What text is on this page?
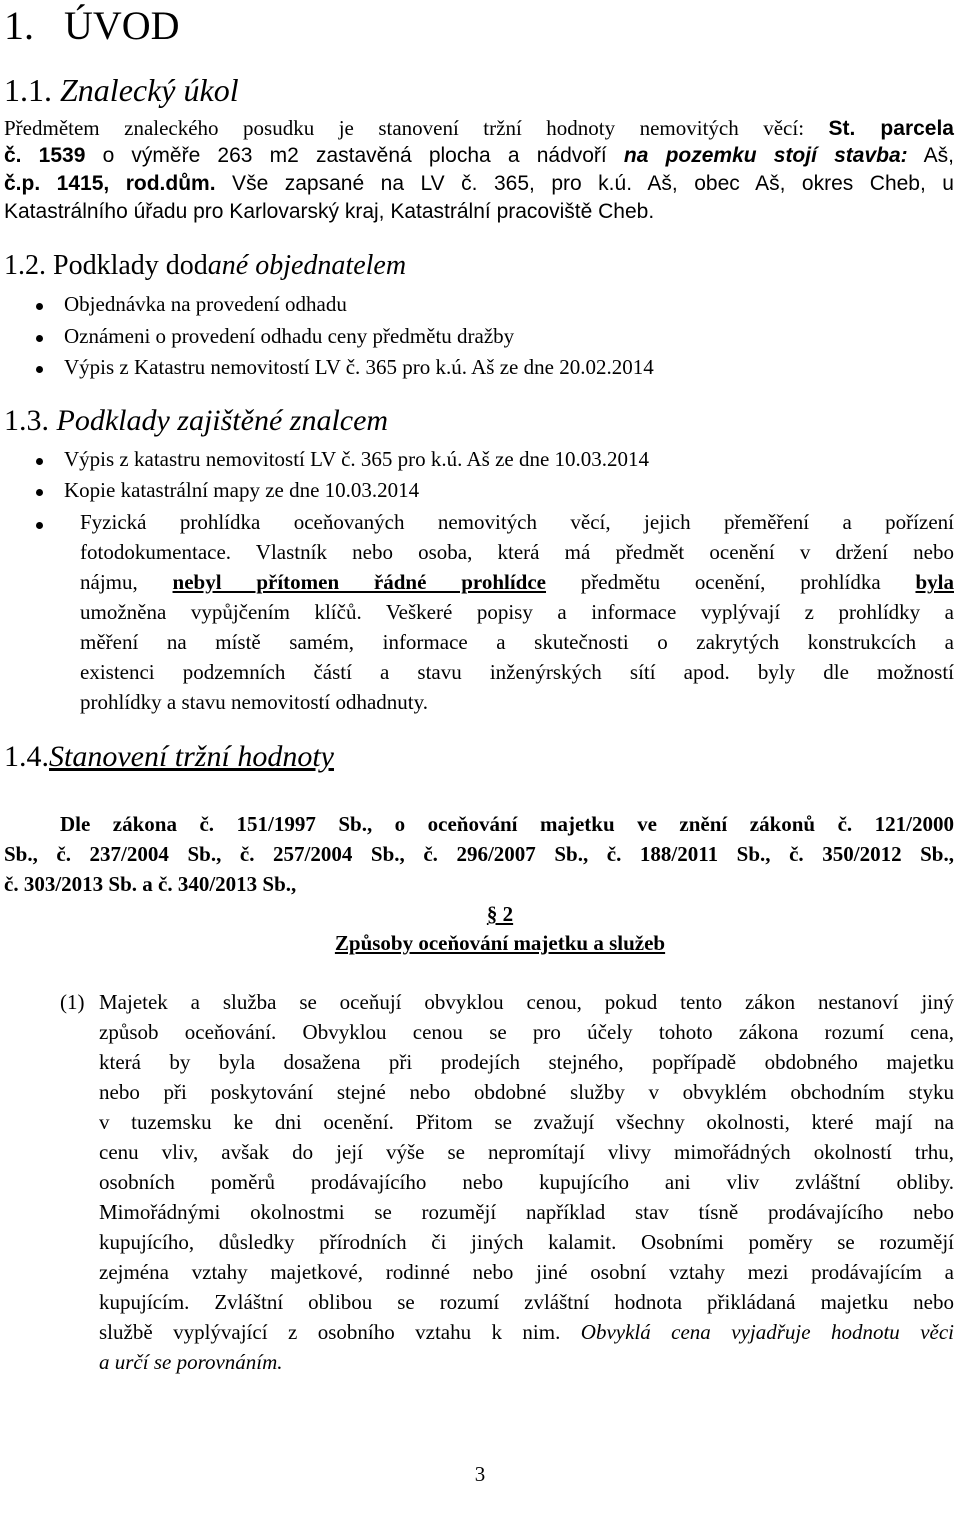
1. ÚVOD
1.1. Znalecký úkol
Předmětem znaleckého posudku je stanovení tržní hodnoty nemovitých věcí: St. parcela
č. 1539 o výměře 263 m2 zastavěná plocha a nádvoří na pozemku stojí stavba: Aš,
č.p. 1415, rod.dům. Vše zapsané na LV č. 365, pro k.ú. Aš, obec Aš, okres Cheb, u
Katastrálního úřadu pro Karlovarský kraj, Katastrální pracoviště Cheb.
1.2. Podklady dodané objednatelem
Objednávka na provedení odhadu
Oznámeni o provedení odhadu ceny předmětu dražby
Výpis z Katastru nemovitostí LV č. 365 pro k.ú. Aš ze dne 20.02.2014
1.3. Podklady zajištěné znalcem
Výpis z katastru nemovitostí LV č. 365 pro k.ú. Aš ze dne 10.03.2014
Kopie katastrální mapy ze dne 10.03.2014
Fyzická prohlídka oceňovaných nemovitých věcí, jejich přeměření a pořízení
fotodokumentace. Vlastník nebo osoba, která má předmět ocenění v držení nebo
nájmu, nebyl přítomen řádné prohlídce předmětu ocenění, prohlídka byla
umožněna vypůjčením klíčů. Veškeré popisy a informace vyplývají z prohlídky a
měření na místě samém, informace a skutečnosti o zakrytých konstrukcích a
existenci podzemních částí a stavu inženýrských sítí apod. byly dle možností
prohlídky a stavu nemovitostí odhadnuty.
1.4.Stanovení tržní hodnoty
Dle zákona č. 151/1997 Sb., o oceňování majetku ve znění zákonů č. 121/2000
Sb., č. 237/2004 Sb., č. 257/2004 Sb., č. 296/2007 Sb., č. 188/2011 Sb., č. 350/2012 Sb.,
č. 303/2013 Sb. a č. 340/2013 Sb.,
§ 2
Způsoby oceňování majetku a služeb
(1) Majetek a služba se oceňují obvyklou cenou, pokud tento zákon nestanoví jiný
způsob oceňování. Obvyklou cenou se pro účely tohoto zákona rozumí cena,
která by byla dosažena při prodejích stejného, popřípadě obdobného majetku
nebo při poskytování stejné nebo obdobné služby v obvyklém obchodním styku
v tuzemsku ke dni ocenění. Přitom se zvažují všechny okolnosti, které mají na
cenu vliv, avšak do její výše se nepromítají vlivy mimořádných okolností trhu,
osobních poměrů prodávajícího nebo kupujícího ani vliv zvláštní obliby.
Mimořádnými okolnostmi se rozumějí například stav tísně prodávajícího nebo
kupujícího, důsledky přírodních či jiných kalamit. Osobními poměry se rozumějí
zejména vztahy majetkové, rodinné nebo jiné osobní vztahy mezi prodávajícím a
kupujícím. Zvláštní oblibou se rozumí zvláštní hodnota přikládaná majetku nebo
službě vyplývající z osobního vztahu k nim. Obvyklá cena vyjadřuje hodnotu věci
a určí se porovnáním.
3
